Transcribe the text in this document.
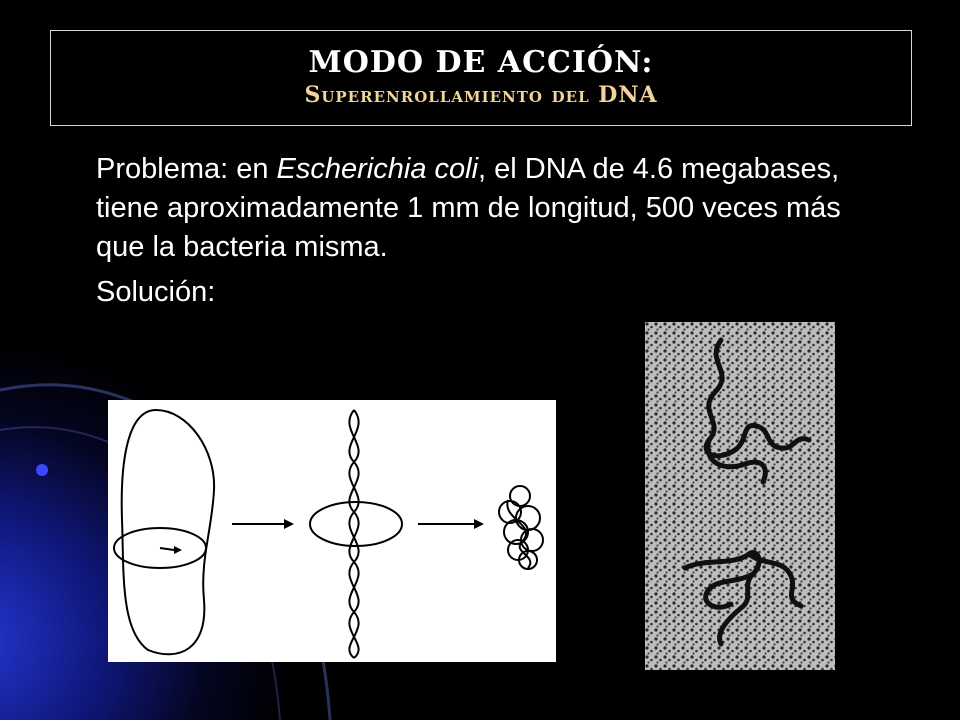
MODO DE ACCIÓN:
Superenrollamiento del DNA

Problema: en Escherichia coli, el DNA de 4.6 megabases, tiene aproximadamente 1 mm de longitud, 500 veces más que la bacteria misma.

Solución:
